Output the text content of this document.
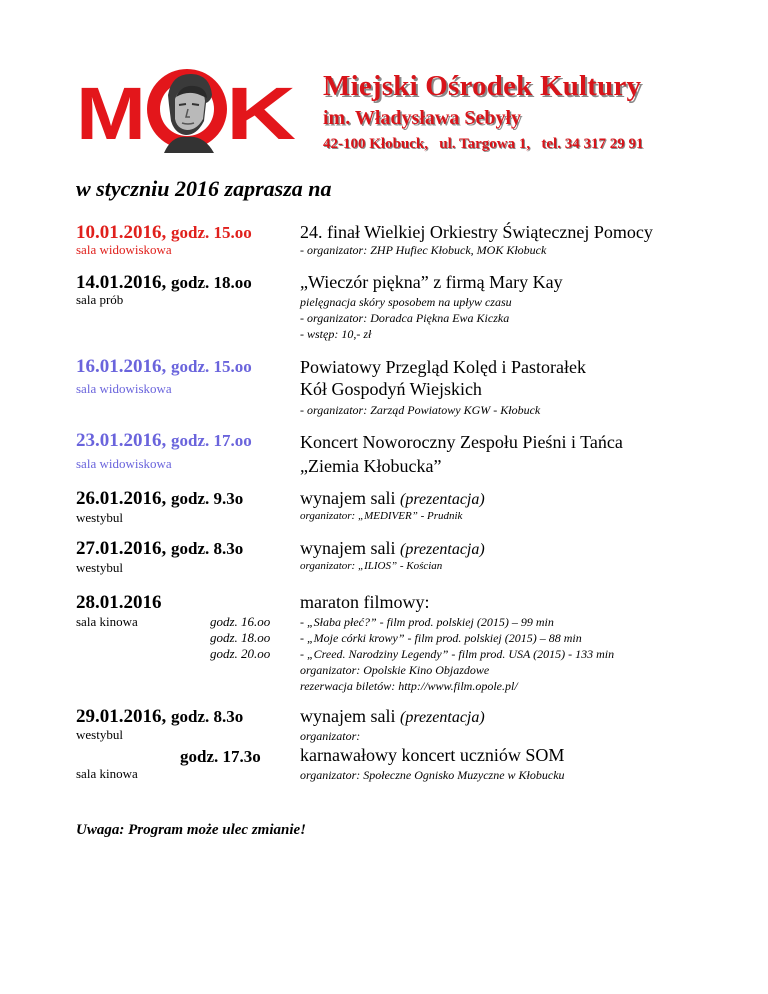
M K Miejski Ośrodek Kultury
im. Władysława Sebyły
42-100 Kłobuck,   ul. Targowa 1,   tel. 34 317 29 91
w styczniu 2016 zaprasza na
10.01.2016, godz. 15.oo
sala widowiskowa
24. finał Wielkiej Orkiestry Świątecznej Pomocy
- organizator: ZHP Hufiec Kłobuck, MOK Kłobuck
14.01.2016, godz. 18.oo
sala prób
„Wieczór piękna” z firmą Mary Kay
pielęgnacja skóry sposobem na upływ czasu
- organizator: Doradca Piękna Ewa Kiczka
- wstęp: 10,- zł
16.01.2016, godz. 15.oo
sala widowiskowa
Powiatowy Przegląd Kolęd i Pastorałek
Kół Gospodyń Wiejskich
- organizator: Zarząd Powiatowy KGW - Kłobuck
23.01.2016, godz. 17.oo
sala widowiskowa
Koncert Noworoczny Zespołu Pieśni i Tańca
„Ziemia Kłobucka”
26.01.2016, godz. 9.3o
westybul
wynajem sali (prezentacja)
organizator: „MEDIVER” - Prudnik
27.01.2016, godz. 8.3o
westybul
wynajem sali (prezentacja)
organizator: „ILIOS” - Kościan
28.01.2016
sala kinowa	godz. 16.oo
godz. 18.oo
godz. 20.oo
maraton filmowy:
- „Słaba płeć?” - film prod. polskiej (2015) – 99 min
- „Moje córki krowy” - film prod. polskiej (2015) – 88 min
- „Creed. Narodziny Legendy” - film prod. USA (2015) - 133 min
organizator: Opolskie Kino Objazdowe
rezerwacja biletów: http://www.film.opole.pl/
29.01.2016, godz. 8.3o
westybul
wynajem sali (prezentacja)
organizator:
godz. 17.3o
sala kinowa
karnawałowy koncert uczniów SOM
organizator: Społeczne Ognisko Muzyczne w Kłobucku
Uwaga: Program może ulec zmianie!
